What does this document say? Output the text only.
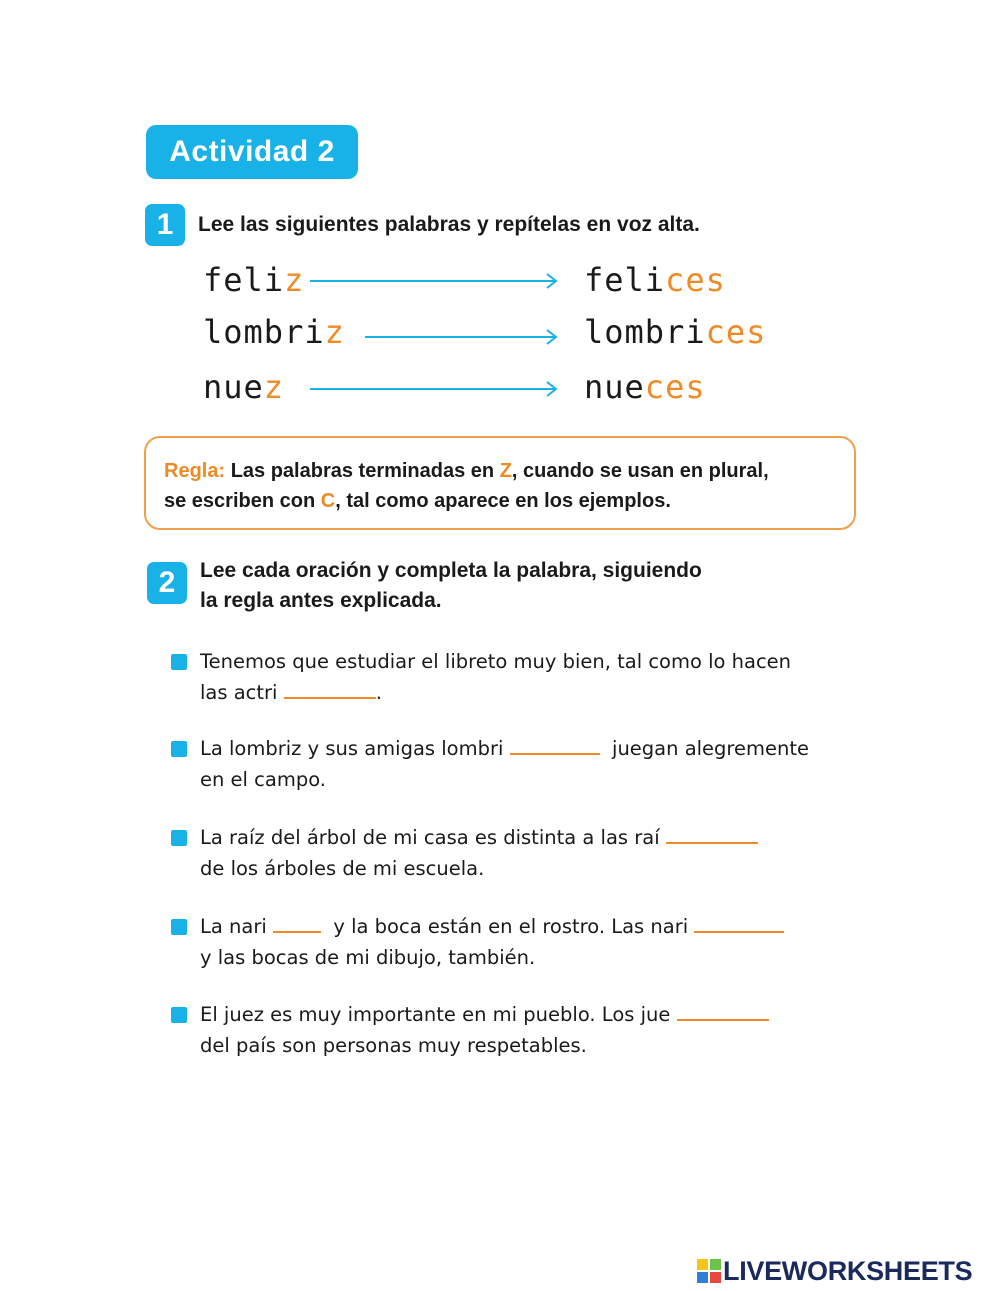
Actividad 2
1	Lee las siguientes palabras y repítelas en voz alta.
feliz	felices
lombriz	lombrices
nuez	nueces
Regla: Las palabras terminadas en Z, cuando se usan en plural,
se escriben con C, tal como aparece en los ejemplos.
2	Lee cada oración y completa la palabra, siguiendo
la regla antes explicada.
Tenemos que estudiar el libreto muy bien, tal como lo hacen
las actri	.
La lombriz y sus amigas lombri	juegan alegremente
en el campo.
La raíz del árbol de mi casa es distinta a las raí
de los árboles de mi escuela.
La nari	y la boca están en el rostro. Las nari
y las bocas de mi dibujo, también.
El juez es muy importante en mi pueblo. Los jue
del país son personas muy respetables.
LIVEWORKSHEETS
